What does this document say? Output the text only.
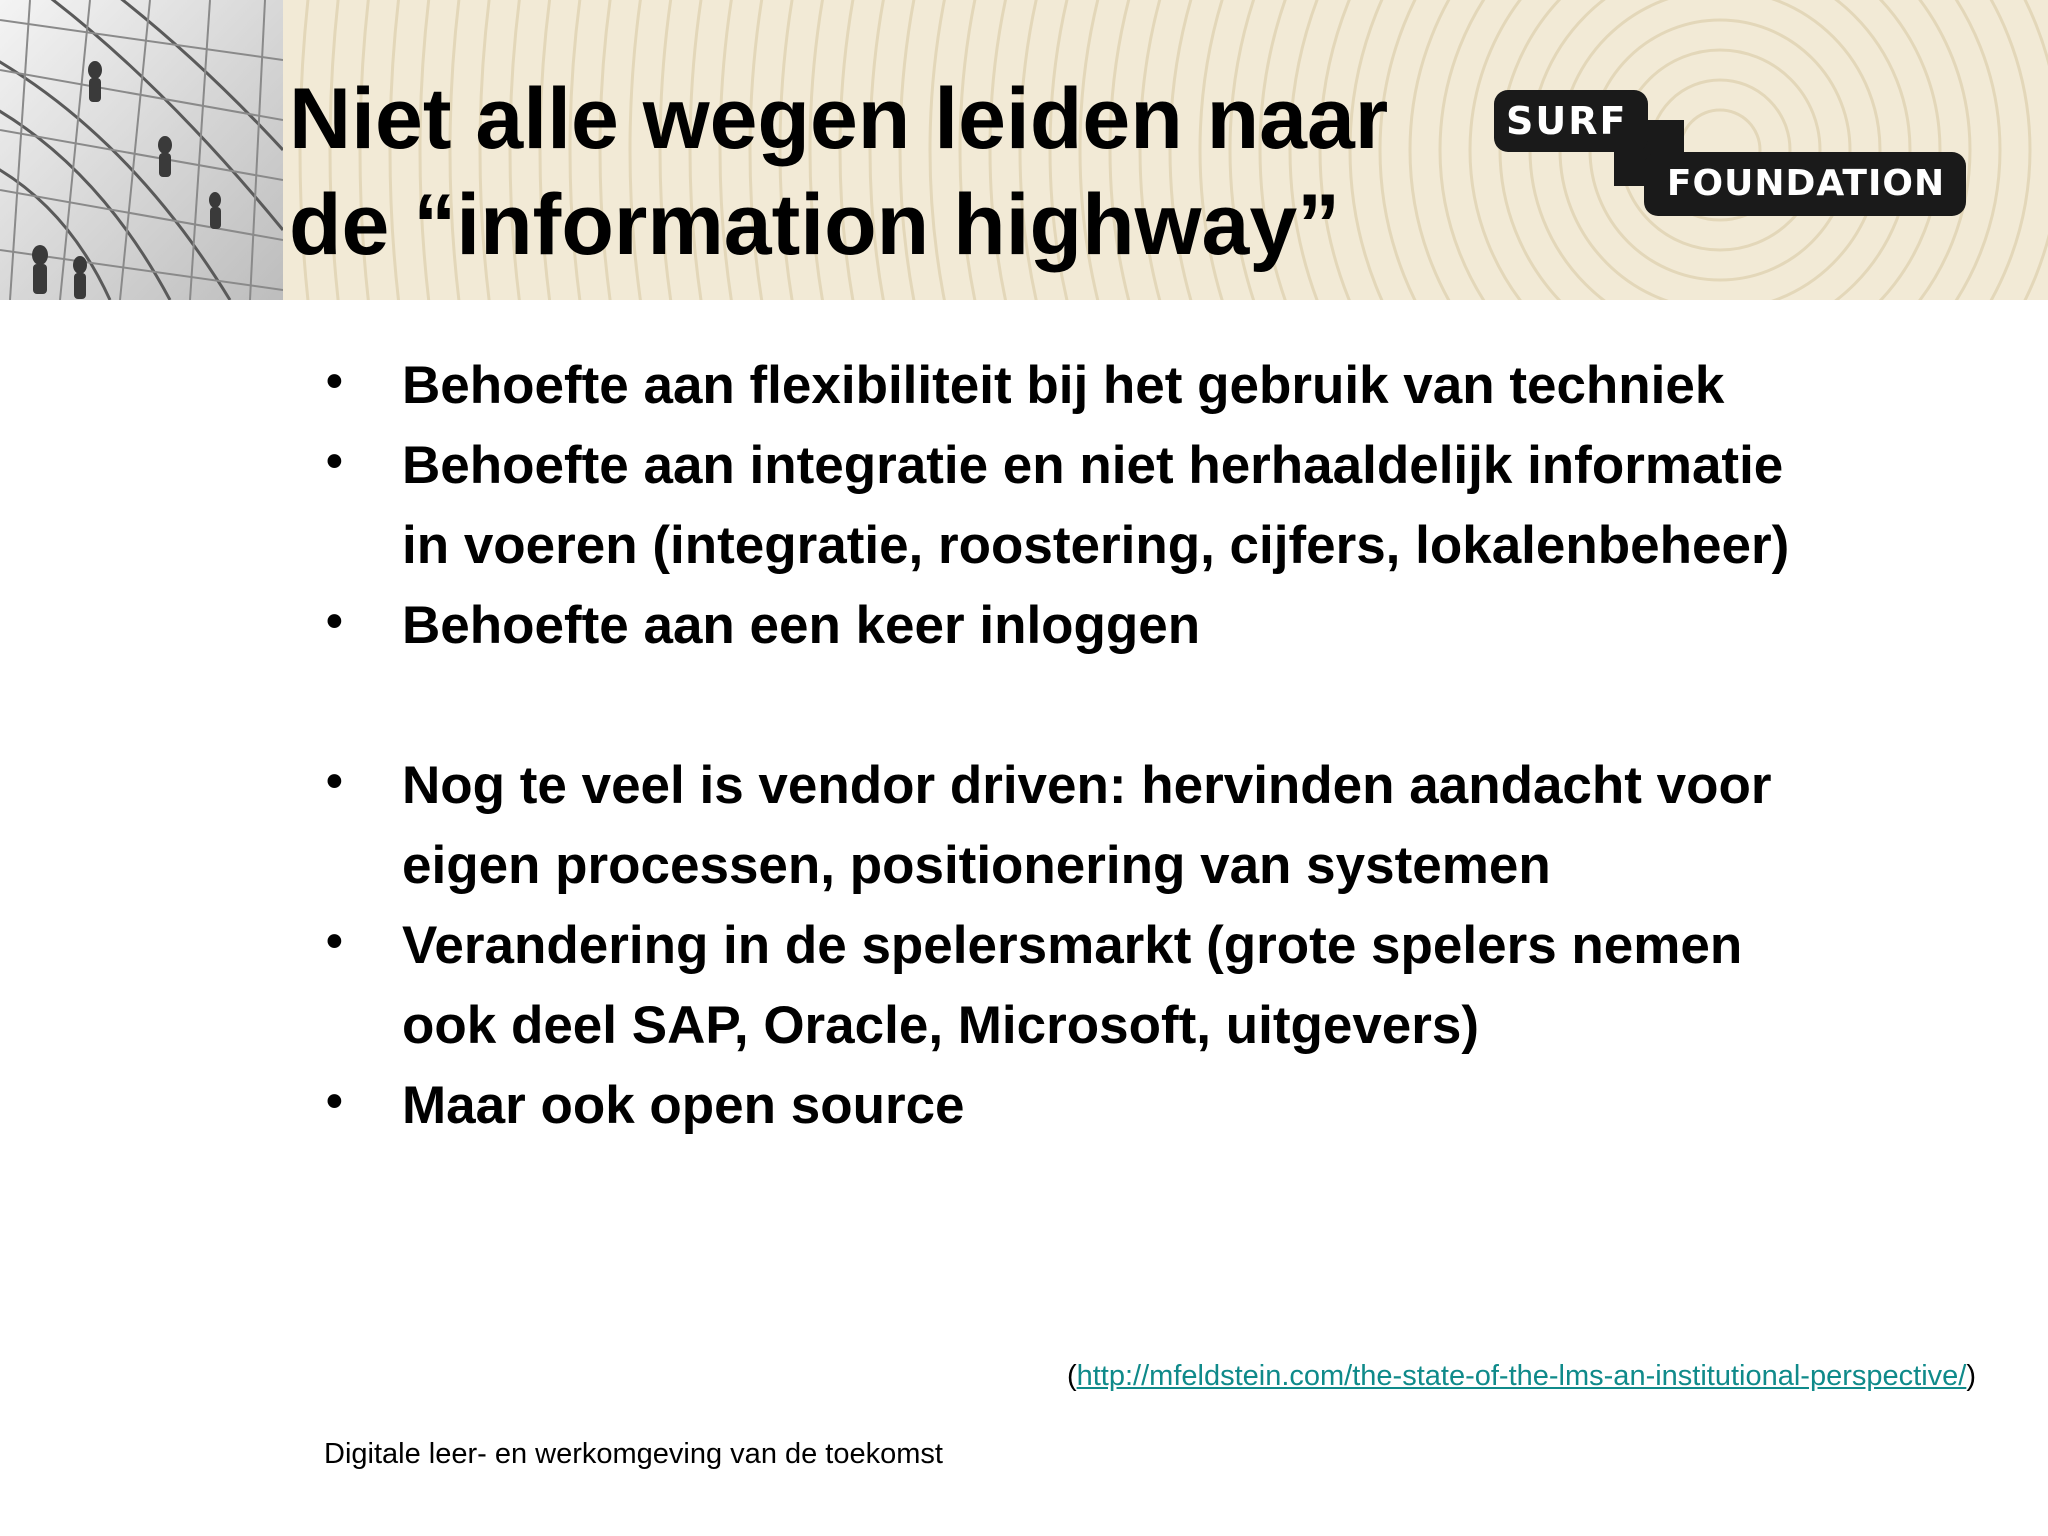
Niet alle wegen leiden naar
de “information highway”
SURF
FOUNDATION
• Behoefte aan flexibiliteit bij het gebruik van techniek
• Behoefte aan integratie en niet herhaaldelijk informatie
in voeren (integratie, roostering, cijfers, lokalenbeheer)
• Behoefte aan een keer inloggen
• Nog te veel is vendor driven: hervinden aandacht voor
eigen processen, positionering van systemen
• Verandering in de spelersmarkt (grote spelers nemen
ook deel SAP, Oracle, Microsoft, uitgevers)
• Maar ook open source
(http://mfeldstein.com/the-state-of-the-lms-an-institutional-perspective/)
Digitale leer- en werkomgeving van de toekomst
